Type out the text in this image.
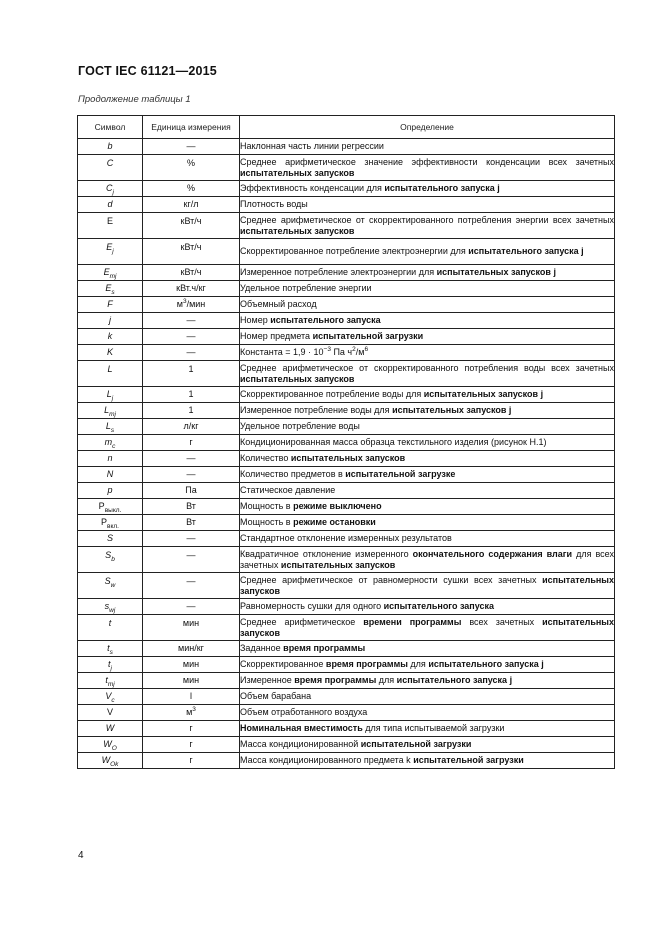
ГОСТ IEC 61121—2015
Продолжение таблицы 1
Символ	Единица измерения	Определение
b	—	Наклонная часть линии регрессии
C	%	Среднее арифметическое значение эффективности конденсации всех зачетных испытательных запусков
$C_j$	%	Эффективность конденсации для испытательного запуска j
d	кг/л	Плотность воды
E	кВт/ч	Среднее арифметическое от скорректированного потребления энергии всех зачетных испытательных запусков
$E_j$	кВт/ч	Скорректированное потребление электроэнергии для испытательного запуска j
$E_{mj}$	кВт/ч	Измеренное потребление электроэнергии для испытательных запусков j
$E_s$	кВт.ч/кг	Удельное потребление энергии
F	$м^3$/мин	Объемный расход
j	—	Номер испытательного запуска
k	—	Номер предмета испытательной загрузки
K	—	Константа = $1,9 \cdot 10^{-3}$ Па $ч^2/м^6$
L	1	Среднее арифметическое от скорректированного потребления воды всех зачетных испытательных запусков
$L_j$	1	Скорректированное потребление воды для испытательных запусков j
$L_{mj}$	1	Измеренное потребление воды для испытательных запусков j
$L_s$	л/кг	Удельное потребление воды
$m_c$	г	Кондиционированная масса образца текстильного изделия (рисунок Н.1)
n	—	Количество испытательных запусков
N	—	Количество предметов в испытательной загрузке
p	Па	Статическое давление
$P_{выкл.}$	Вт	Мощность в режиме выключено
$P_{вкл.}$	Вт	Мощность в режиме остановки
S	—	Стандартное отклонение измеренных результатов
$S_b$	—	Квадратичное отклонение измеренного окончательного содержания влаги для всех зачетных испытательных запусков
$S_w$	—	Среднее арифметическое от равномерности сушки всех зачетных испытательных запусков
$s_{wj}$	—	Равномерность сушки для одного испытательного запуска
t	мин	Среднее арифметическое времени программы всех зачетных испытательных запусков
$t_s$	мин/кг	Заданное время программы
$t_j$	мин	Скорректированное время программы для испытательного запуска j
$t_{mj}$	мин	Измеренное время программы для испытательного запуска j
$V_c$	l	Объем барабана
V	$м^3$	Объем отработанного воздуха
W	г	Номинальная вместимость для типа испытываемой загрузки
$W_O$	г	Масса кондиционированной испытательной загрузки
$W_{Ok}$	г	Масса кондиционированного предмета k испытательной загрузки
4
